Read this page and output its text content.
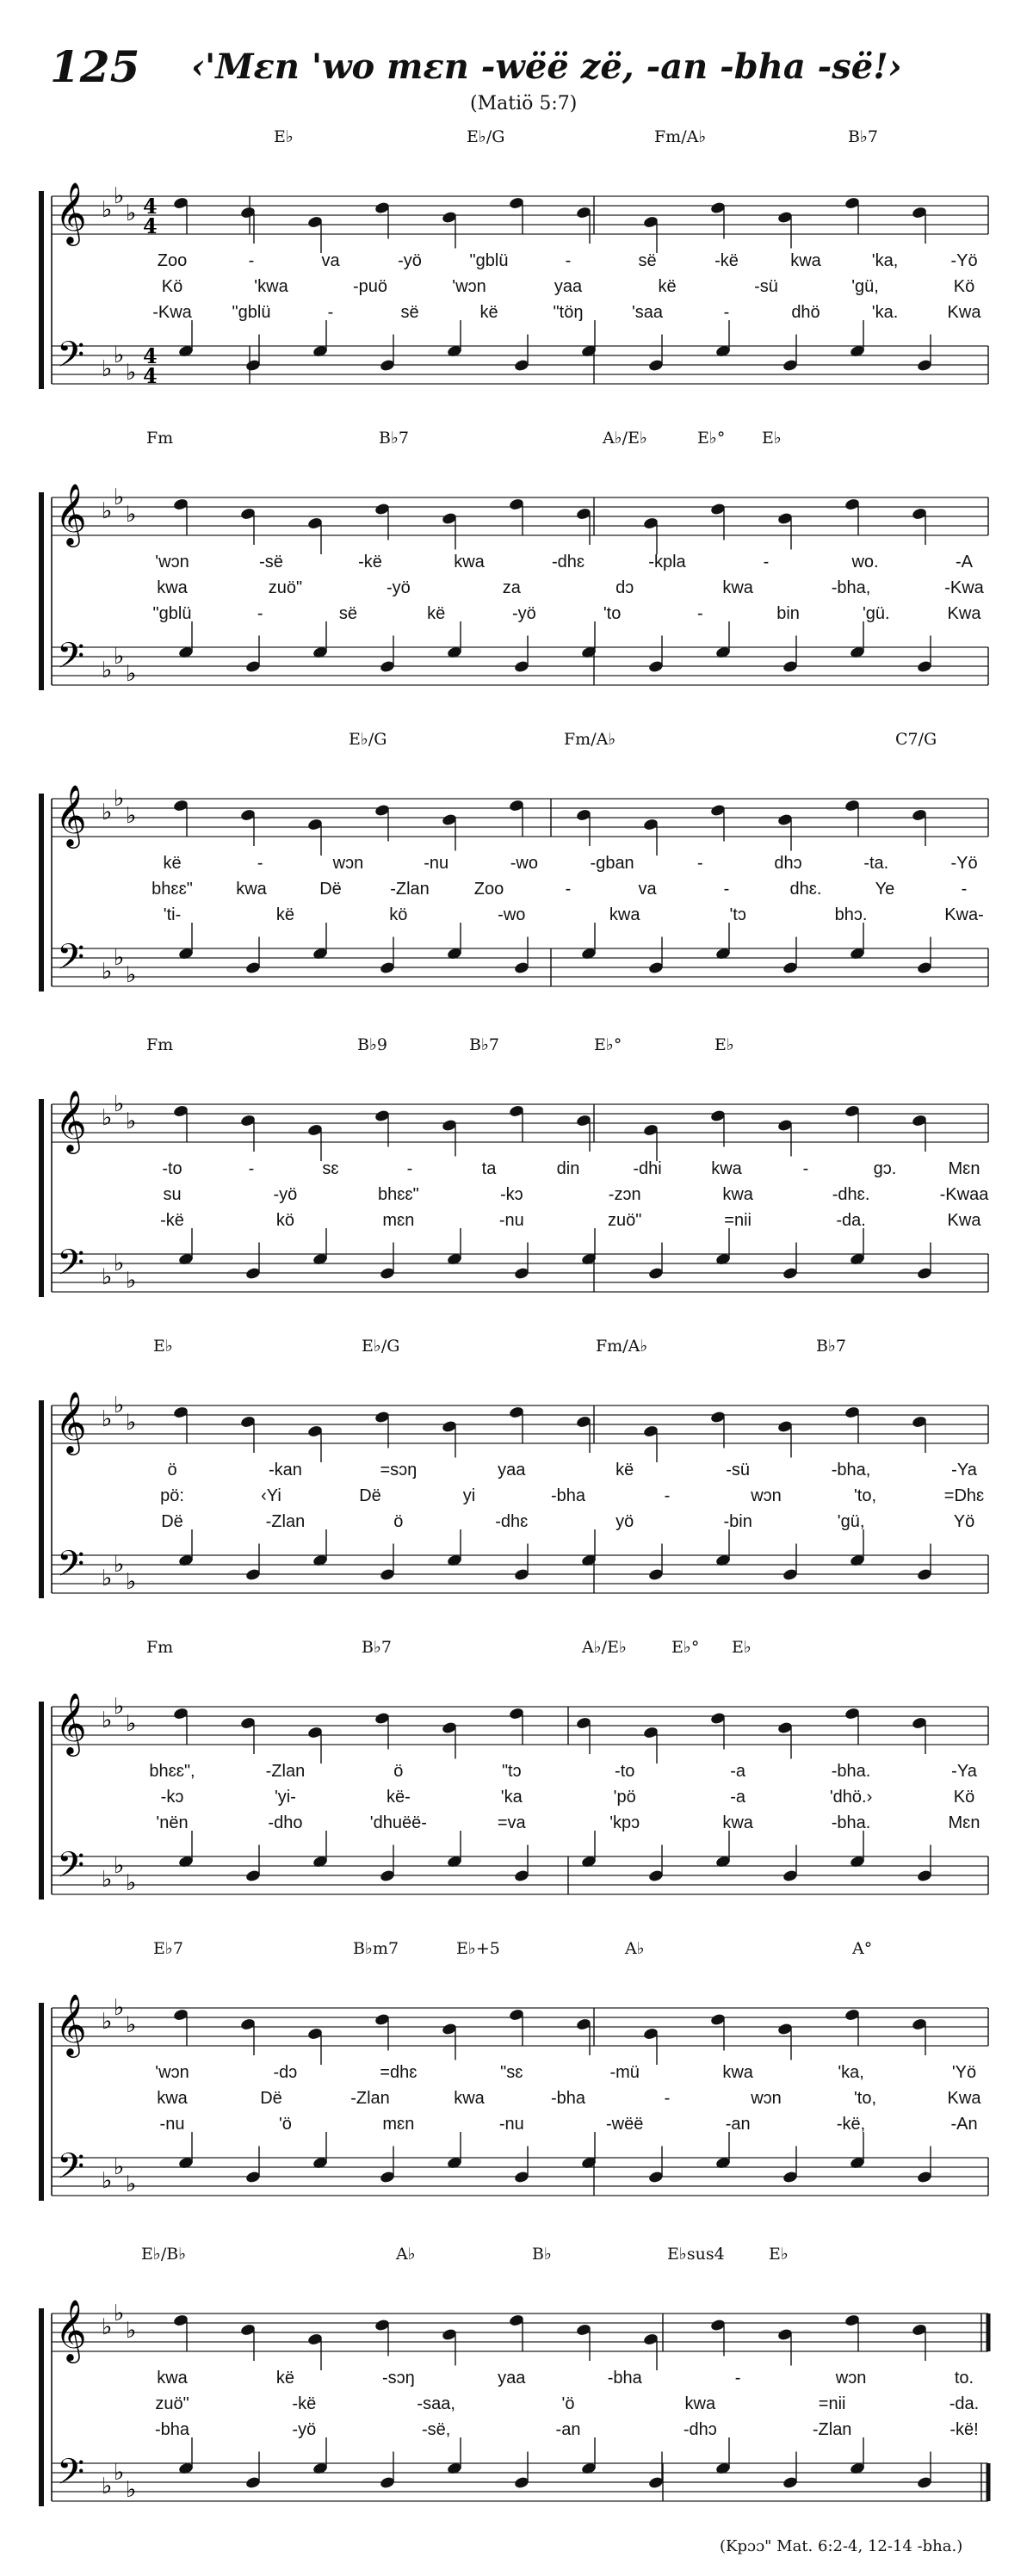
125 ‹'Mɛn 'wo mɛn -wëë zë, -an -bha -së!›
(Matiö 5:7)
𝄞
𝄢
♭
♭
♭
♭
♭
♭
4
4
4
4
E♭	E♭/G	Fm/A♭	B♭7
Zoo	-	va	-yö	"gblü	-	së	-kë	kwa	'ka,	-Yö
Kö	'kwa	-puö	'wɔn	yaa	kë	-sü	'gü,	Kö
-Kwa "gblü	-	së	kë	"töŋ	'saa	-	dhö	'ka.	Kwa
𝄞
𝄢
♭
♭
♭
♭
♭
♭
Fm	B♭7	A♭/E♭	E♭° E♭
'wɔn	-së	-kë	kwa	-dhɛ	-kpla	-	wo.	-A
kwa	zuö"	-yö	za	dɔ	kwa	-bha,	-Kwa
"gblü	-	së	kë	-yö	'to	-	bin	'gü.	Kwa
𝄞
𝄢
♭
♭
♭
♭
♭
♭
E♭/G	Fm/A♭	C7/G
kë	-	wɔn	-nu	-wo	-gban	-	dhɔ	-ta.	-Yö
bhɛɛ"	kwa	Dë	-Zlan	Zoo	-	va	-	dhɛ.	Ye	-
'ti-	kë	kö	-wo	kwa	'tɔ	bhɔ.	Kwa-
𝄞
𝄢
♭
♭
♭
♭
♭
♭
Fm	B♭9	B♭7	E♭°	E♭
-to	-	sɛ	-	ta	din	-dhi	kwa	-	gɔ.	Mɛn
su	-yö	bhɛɛ"	-kɔ	-zɔn	kwa	-dhɛ.	-Kwaa
-kë	kö	mɛn	-nu	zuö"	=nii	-da.	Kwa
𝄞
𝄢
♭
♭
♭
♭
♭
♭
E♭	E♭/G	Fm/A♭	B♭7
ö	-kan	=sɔŋ	yaa	kë	-sü	-bha,	-Ya
pö:	‹Yi	Dë	yi	-bha	-	wɔn	'to,	=Dhɛ
Dë	-Zlan	ö	-dhɛ	yö	-bin	'gü,	Yö
𝄞
𝄢
♭
♭
♭
♭
♭
♭
Fm	B♭7	A♭/E♭	E♭° E♭
bhɛɛ",	-Zlan	ö	"tɔ	-to	-a	-bha.	-Ya
-kɔ	'yi-	kë-	'ka	'pö	-a	'dhö.›	Kö
'nën	-dho	'dhuëë-	=va	'kpɔ	kwa	-bha.	Mɛn
𝄞
𝄢
♭
♭
♭
♭
♭
♭
E♭7	B♭m7	E♭+5	A♭	A°
'wɔn	-dɔ	=dhɛ	"sɛ	-mü	kwa	'ka,	'Yö
kwa	Dë	-Zlan	kwa	-bha	-	wɔn	'to,	Kwa
-nu	'ö	mɛn	-nu	-wëë	-an	-kë,	-An
𝄞
𝄢
♭
♭
♭
♭
♭
♭
E♭/B♭	A♭	B♭	E♭sus4	E♭
kwa	kë	-sɔŋ	yaa	-bha	-	wɔn	to.
zuö"	-kë	-saa,	'ö	kwa	=nii	-da.
-bha	-yö	-së,	-an	-dhɔ	-Zlan	-kë!
(Kpɔɔ" Mat. 6:2-4, 12-14 -bha.)
